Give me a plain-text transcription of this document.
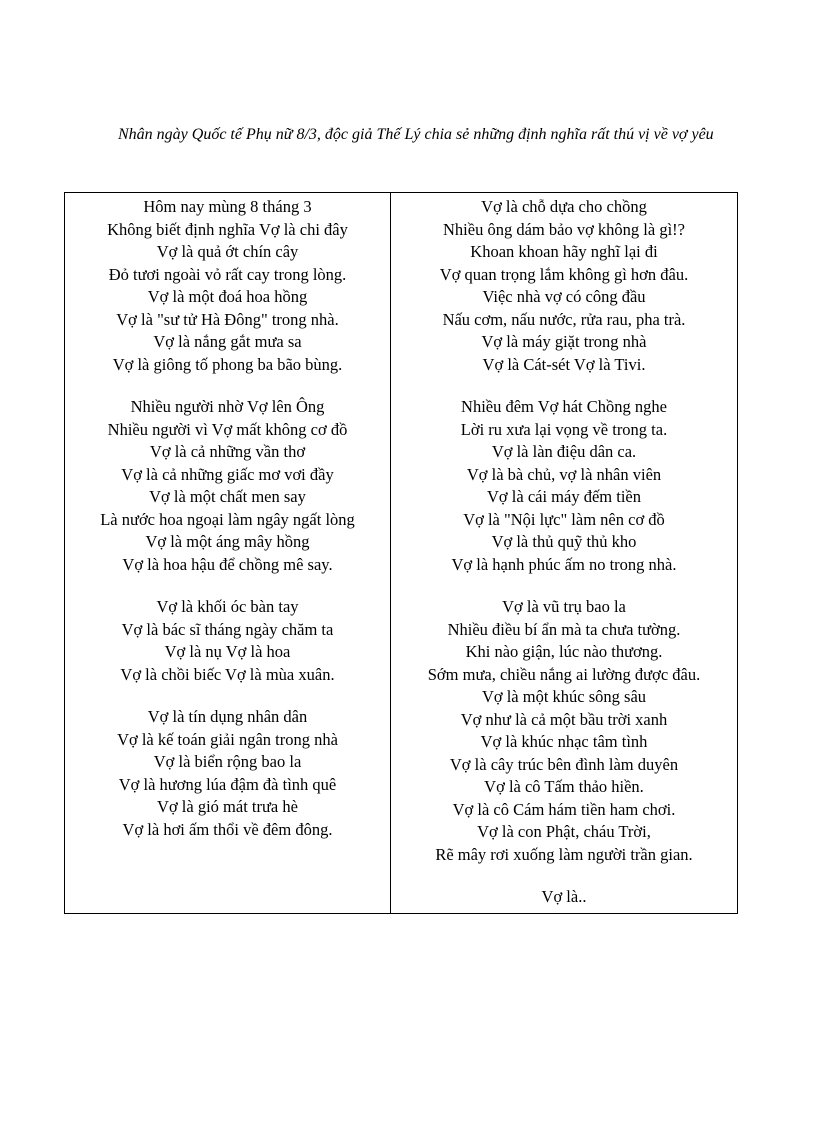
Nhân ngày Quốc tế Phụ nữ 8/3, độc giả Thế Lý chia sẻ những định nghĩa rất thú vị về vợ yêu
Hôm nay mùng 8 tháng 3
Không biết định nghĩa Vợ là chi đây
Vợ là quả ớt chín cây
Đỏ tươi ngoài vỏ rất cay trong lòng.
Vợ là một đoá hoa hồng
Vợ là "sư tử Hà Đông" trong nhà.
Vợ là nắng gắt mưa sa
Vợ là giông tố phong ba bão bùng.
Nhiều người nhờ Vợ lên Ông
Nhiều người vì Vợ mất không cơ đồ
Vợ là cả những vần thơ
Vợ là cả những giấc mơ vơi đầy
Vợ là một chất men say
Là nước hoa ngoại làm ngây ngất lòng
Vợ là một áng mây hồng
Vợ là hoa hậu để chồng mê say.
Vợ là khối óc bàn tay
Vợ là bác sĩ tháng ngày chăm ta
Vợ là nụ Vợ là hoa
Vợ là chồi biếc Vợ là mùa xuân.
Vợ là tín dụng nhân dân
Vợ là kế toán giải ngân trong nhà
Vợ là biển rộng bao la
Vợ là hương lúa đậm đà tình quê
Vợ là gió mát trưa hè
Vợ là hơi ấm thổi về đêm đông.
Vợ là chỗ dựa cho chồng
Nhiều ông dám bảo vợ không là gì!?
Khoan khoan hãy nghĩ lại đi
Vợ quan trọng lắm không gì hơn đâu.
Việc nhà vợ có công đầu
Nấu cơm, nấu nước, rửa rau, pha trà.
Vợ là máy giặt trong nhà
Vợ là Cát-sét Vợ là Tivi.
Nhiều đêm Vợ hát Chồng nghe
Lời ru xưa lại vọng về trong ta.
Vợ là làn điệu dân ca.
Vợ là bà chủ, vợ là nhân viên
Vợ là cái máy đếm tiền
Vợ là "Nội lực" làm nên cơ đồ
Vợ là thủ quỹ thủ kho
Vợ là hạnh phúc ấm no trong nhà.
Vợ là vũ trụ bao la
Nhiều điều bí ẩn mà ta chưa tường.
Khi nào giận, lúc nào thương.
Sớm mưa, chiều nắng ai lường được đâu.
Vợ là một khúc sông sâu
Vợ như là cả một bầu trời xanh
Vợ là khúc nhạc tâm tình
Vợ là cây trúc bên đình làm duyên
Vợ là cô Tấm thảo hiền.
Vợ là cô Cám hám tiền ham chơi.
Vợ là con Phật, cháu Trời,
Rẽ mây rơi xuống làm người trần gian.
Vợ là..
